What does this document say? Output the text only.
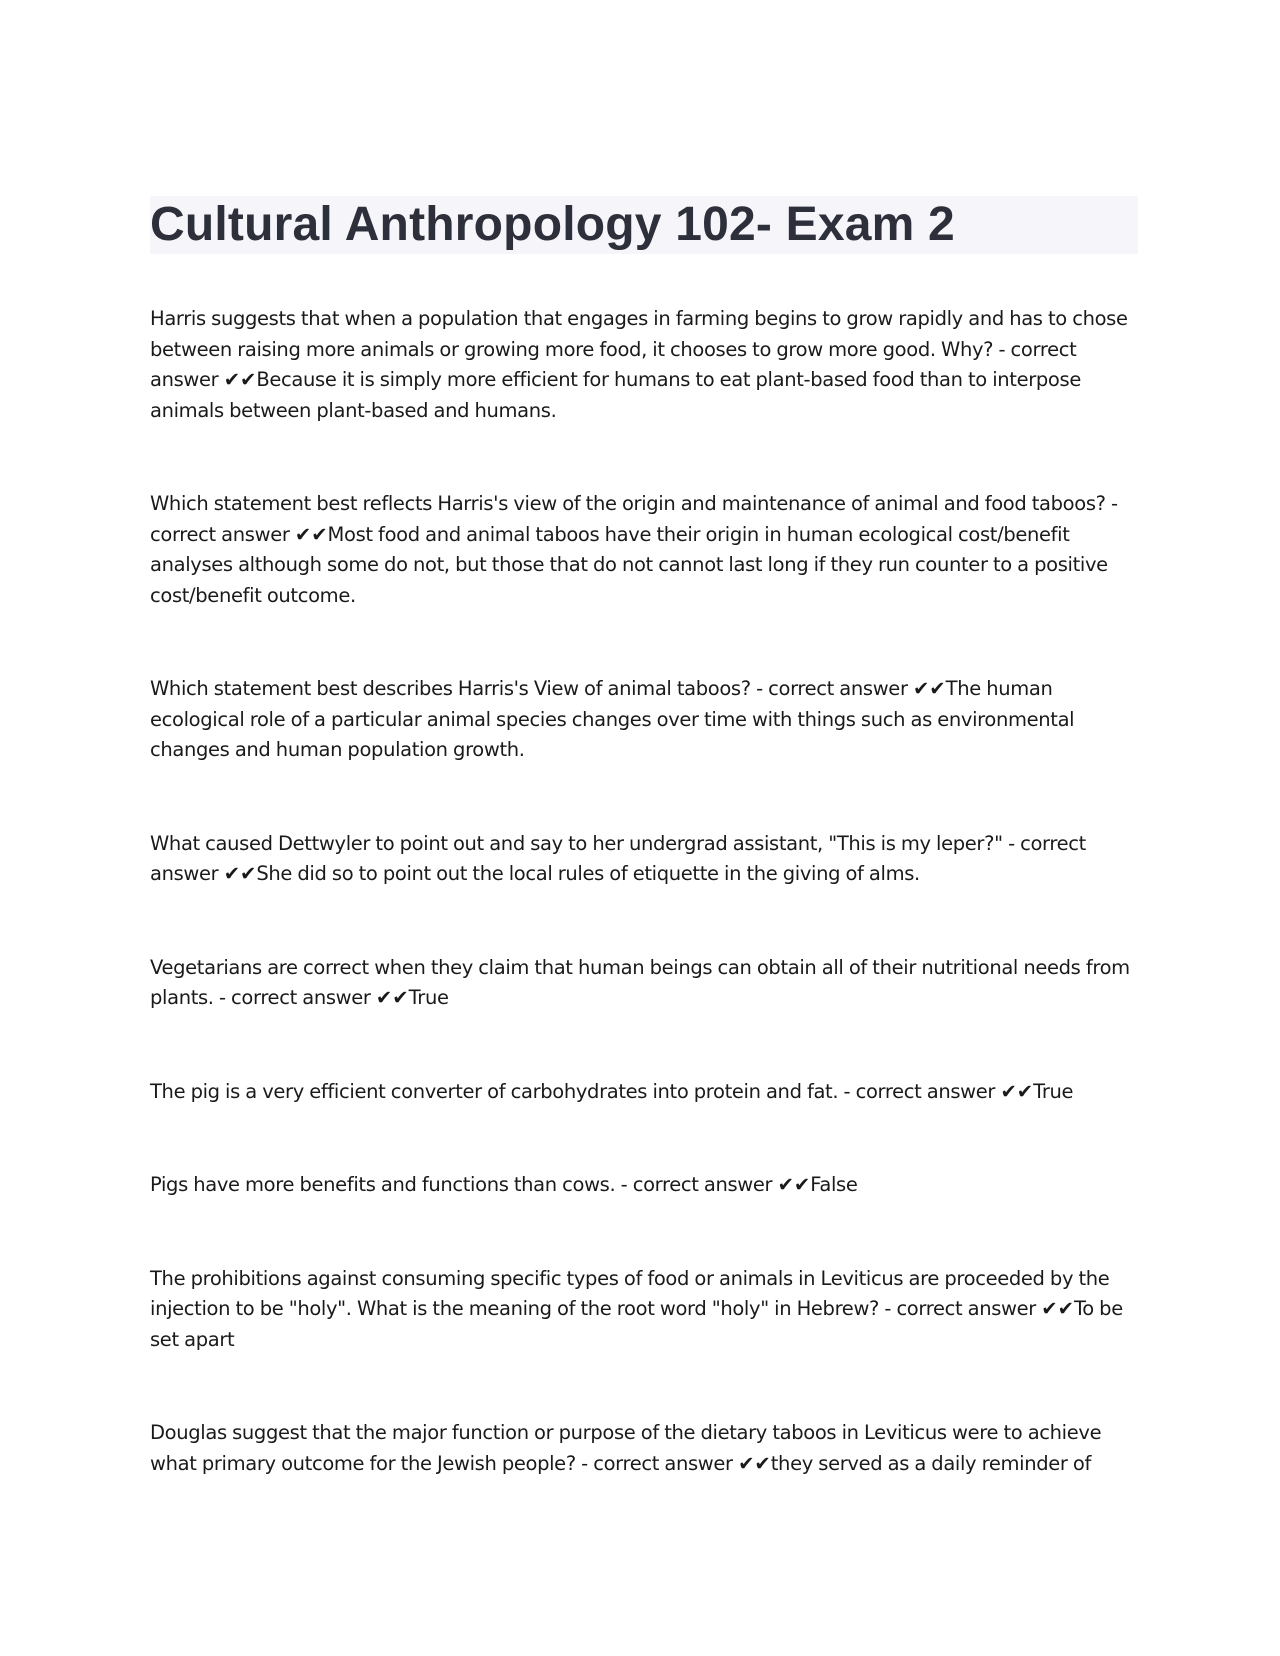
Cultural Anthropology 102- Exam 2

Harris suggests that when a population that engages in farming begins to grow rapidly and has to chose between raising more animals or growing more food, it chooses to grow more good. Why? - correct answer ✔✔Because it is simply more efficient for humans to eat plant-based food than to interpose animals between plant-based and humans.

Which statement best reflects Harris's view of the origin and maintenance of animal and food taboos? - correct answer ✔✔Most food and animal taboos have their origin in human ecological cost/benefit analyses although some do not, but those that do not cannot last long if they run counter to a positive cost/benefit outcome.

Which statement best describes Harris's View of animal taboos? - correct answer ✔✔The human ecological role of a particular animal species changes over time with things such as environmental changes and human population growth.

What caused Dettwyler to point out and say to her undergrad assistant, "This is my leper?" - correct answer ✔✔She did so to point out the local rules of etiquette in the giving of alms.

Vegetarians are correct when they claim that human beings can obtain all of their nutritional needs from plants. - correct answer ✔✔True

The pig is a very efficient converter of carbohydrates into protein and fat. - correct answer ✔✔True

Pigs have more benefits and functions than cows. - correct answer ✔✔False

The prohibitions against consuming specific types of food or animals in Leviticus are proceeded by the injection to be "holy". What is the meaning of the root word "holy" in Hebrew? - correct answer ✔✔To be set apart

Douglas suggest that the major function or purpose of the dietary taboos in Leviticus were to achieve what primary outcome for the Jewish people? - correct answer ✔✔they served as a daily reminder of
